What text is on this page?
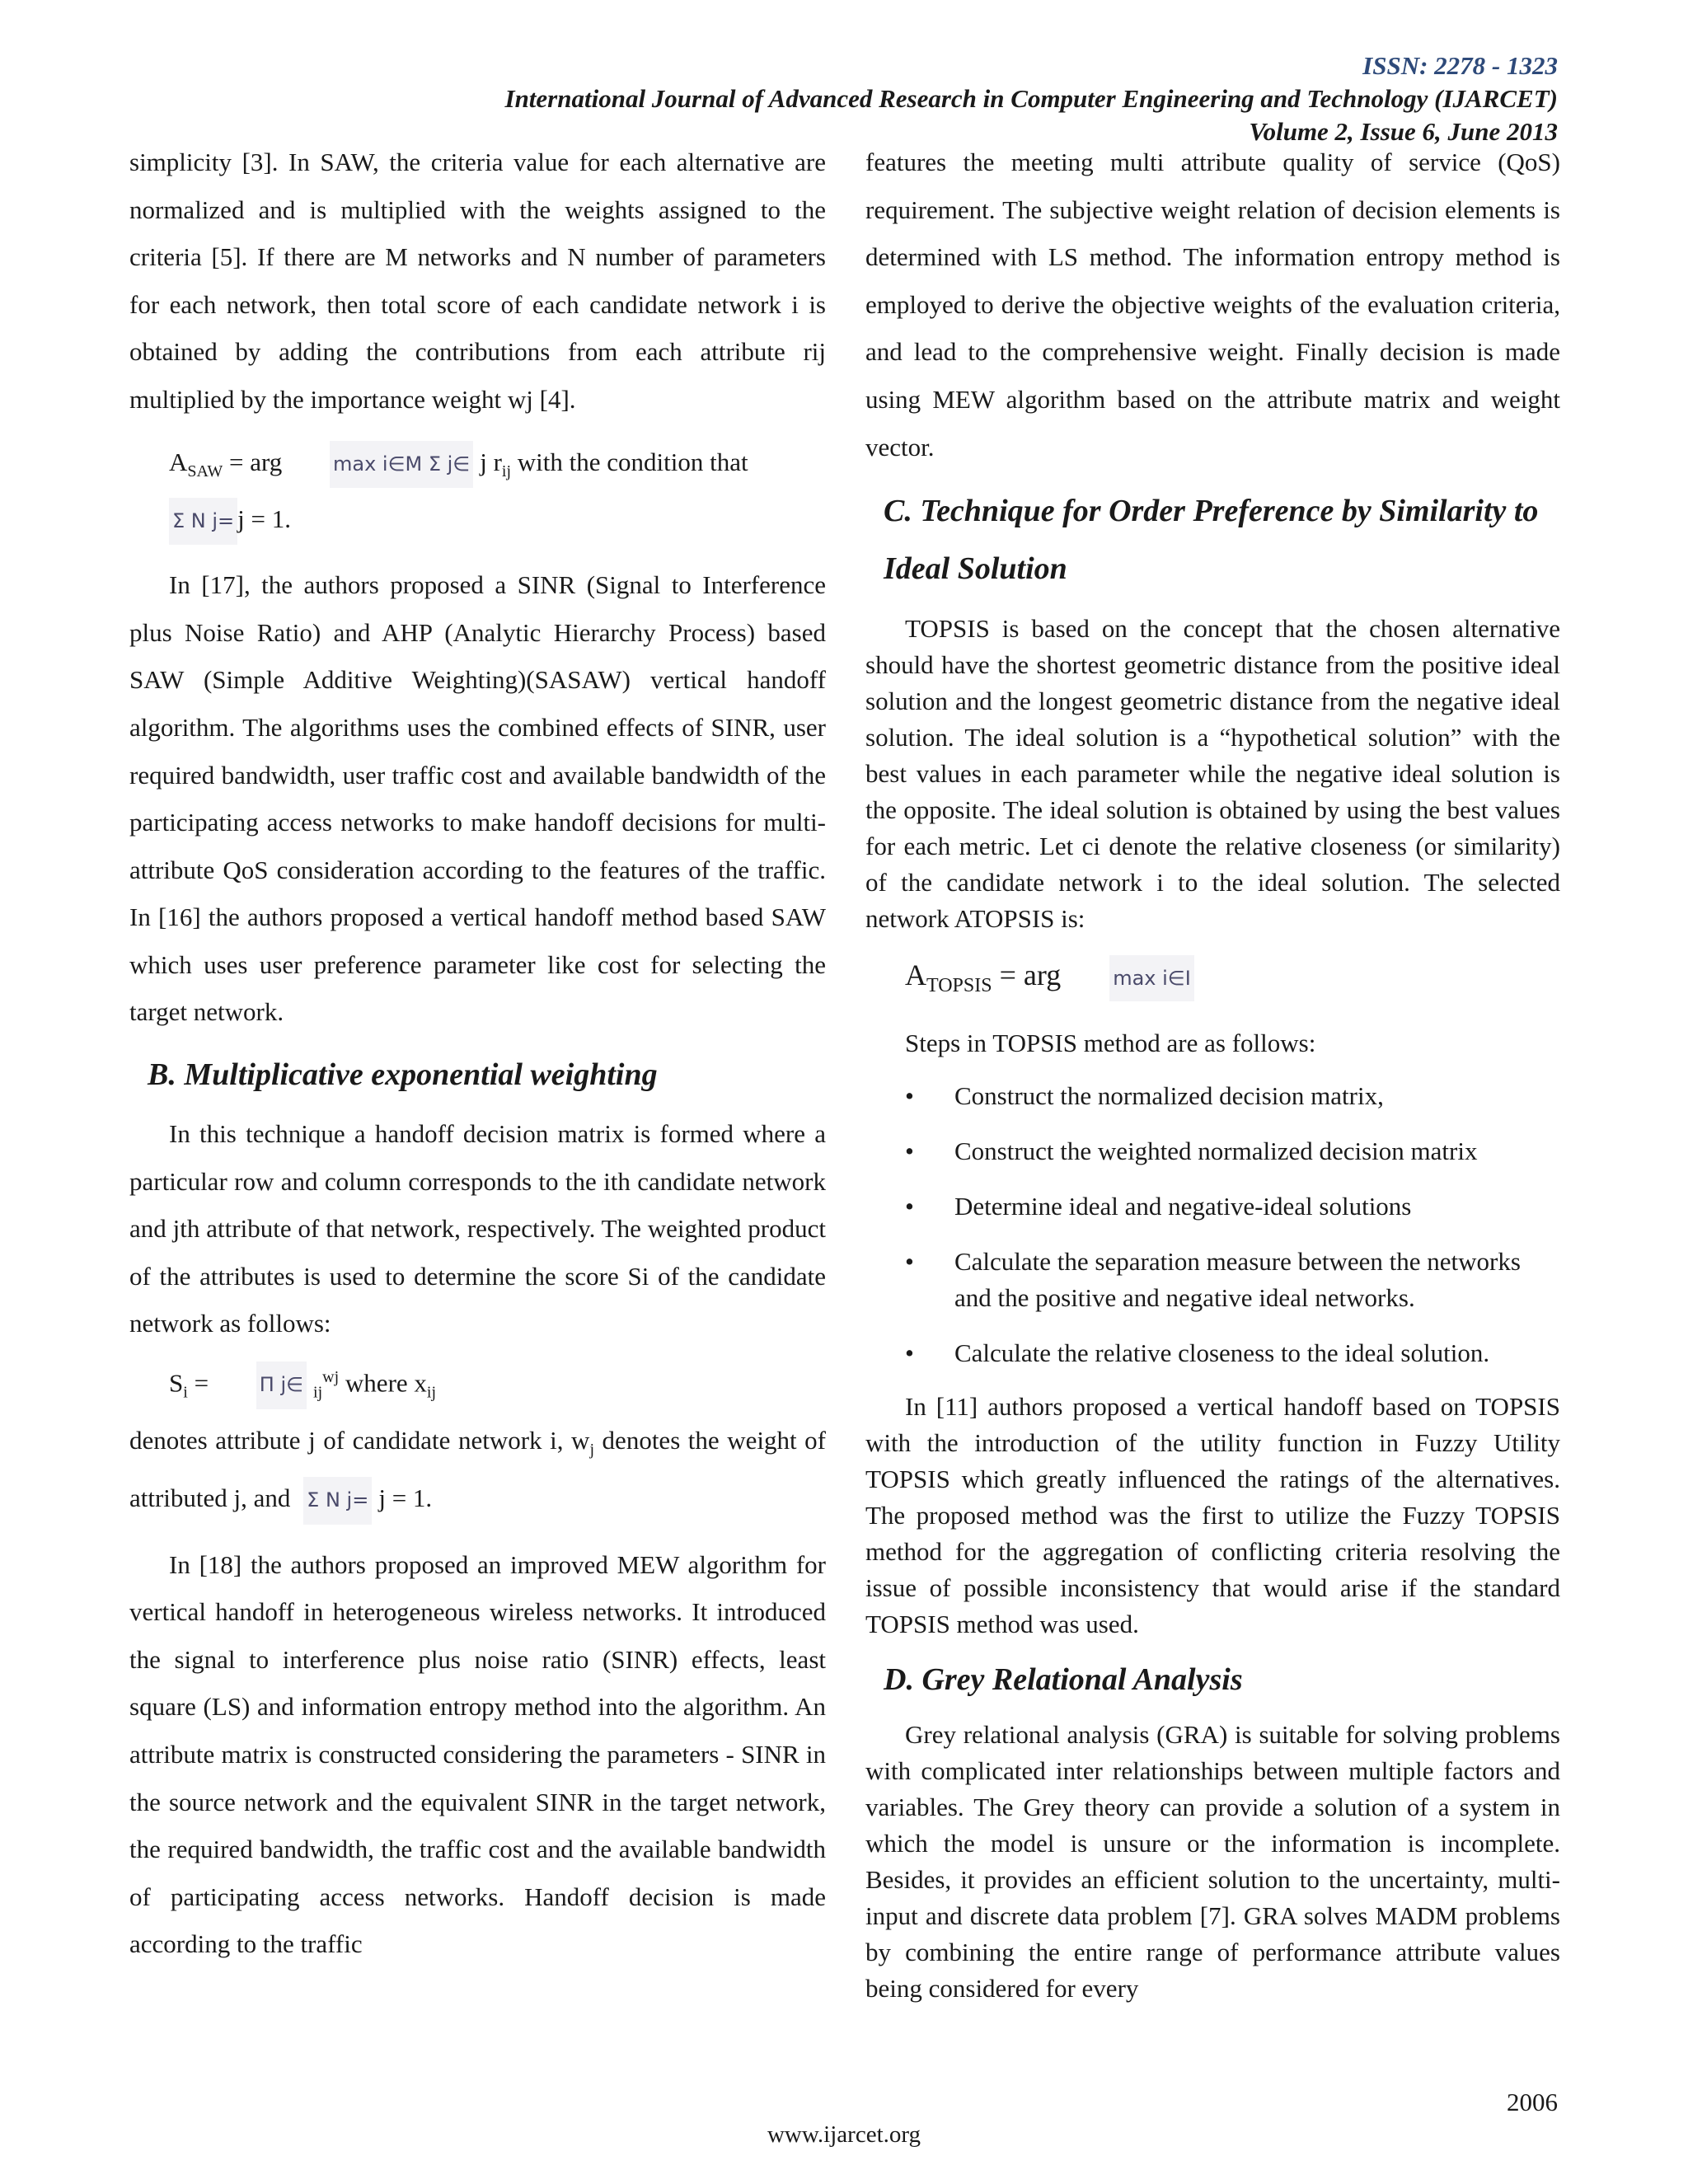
ISSN: 2278 - 1323
International Journal of Advanced Research in Computer Engineering and Technology (IJARCET)
Volume 2, Issue 6, June 2013

simplicity [3]. In SAW, the criteria value for each alternative are normalized and is multiplied with the weights assigned to the criteria [5]. If there are M networks and N number of parameters for each network, then total score of each candidate network i is obtained by adding the contributions from each attribute rij multiplied by the importance weight wj [4].

$A_{SAW}$ = arg max i∈M Σ j∈ j $r_{ij}$ with the condition that
Σ N j= j = 1.

In [17], the authors proposed a SINR (Signal to Interference plus Noise Ratio) and AHP (Analytic Hierarchy Process) based SAW (Simple Additive Weighting)(SASAW) vertical handoff algorithm. The algorithms uses the combined effects of SINR, user required bandwidth, user traffic cost and available bandwidth of the participating access networks to make handoff decisions for multi-attribute QoS consideration according to the features of the traffic. In [16] the authors proposed a vertical handoff method based SAW which uses user preference parameter like cost for selecting the target network.

B. Multiplicative exponential weighting

In this technique a handoff decision matrix is formed where a particular row and column corresponds to the ith candidate network and jth attribute of that network, respectively. The weighted product of the attributes is used to determine the score Si of the candidate network as follows:

$S_i = \Pi$ j∈ $_{ij}^{wj}$ where $x_{ij}$

denotes attribute j of candidate network i, $w_j$ denotes the weight of attributed j, and Σ N j= j = 1.

In [18] the authors proposed an improved MEW algorithm for vertical handoff in heterogeneous wireless networks. It introduced the signal to interference plus noise ratio (SINR) effects, least square (LS) and information entropy method into the algorithm. An attribute matrix is constructed considering the parameters - SINR in the source network and the equivalent SINR in the target network, the required bandwidth, the traffic cost and the available bandwidth of participating access networks. Handoff decision is made according to the traffic

features the meeting multi attribute quality of service (QoS) requirement. The subjective weight relation of decision elements is determined with LS method. The information entropy method is employed to derive the objective weights of the evaluation criteria, and lead to the comprehensive weight. Finally decision is made using MEW algorithm based on the attribute matrix and weight vector.

C. Technique for Order Preference by Similarity to Ideal Solution

TOPSIS is based on the concept that the chosen alternative should have the shortest geometric distance from the positive ideal solution and the longest geometric distance from the negative ideal solution. The ideal solution is a “hypothetical solution” with the best values in each parameter while the negative ideal solution is the opposite. The ideal solution is obtained by using the best values for each metric. Let ci denote the relative closeness (or similarity) of the candidate network i to the ideal solution. The selected network ATOPSIS is:

$A_{TOPSIS}$ = arg	max i∈I

Steps in TOPSIS method are as follows:

• Construct the normalized decision matrix,
• Construct the weighted normalized decision matrix
• Determine ideal and negative-ideal solutions
• Calculate the separation measure between the networks and the positive and negative ideal networks.
• Calculate the relative closeness to the ideal solution.

In [11] authors proposed a vertical handoff based on TOPSIS with the introduction of the utility function in Fuzzy Utility TOPSIS which greatly influenced the ratings of the alternatives. The proposed method was the first to utilize the Fuzzy TOPSIS method for the aggregation of conflicting criteria resolving the issue of possible inconsistency that would arise if the standard TOPSIS method was used.

D. Grey Relational Analysis

Grey relational analysis (GRA) is suitable for solving problems with complicated inter relationships between multiple factors and variables. The Grey theory can provide a solution of a system in which the model is unsure or the information is incomplete. Besides, it provides an efficient solution to the uncertainty, multi-input and discrete data problem [7]. GRA solves MADM problems by combining the entire range of performance attribute values being considered for every

2006
www.ijarcet.org
